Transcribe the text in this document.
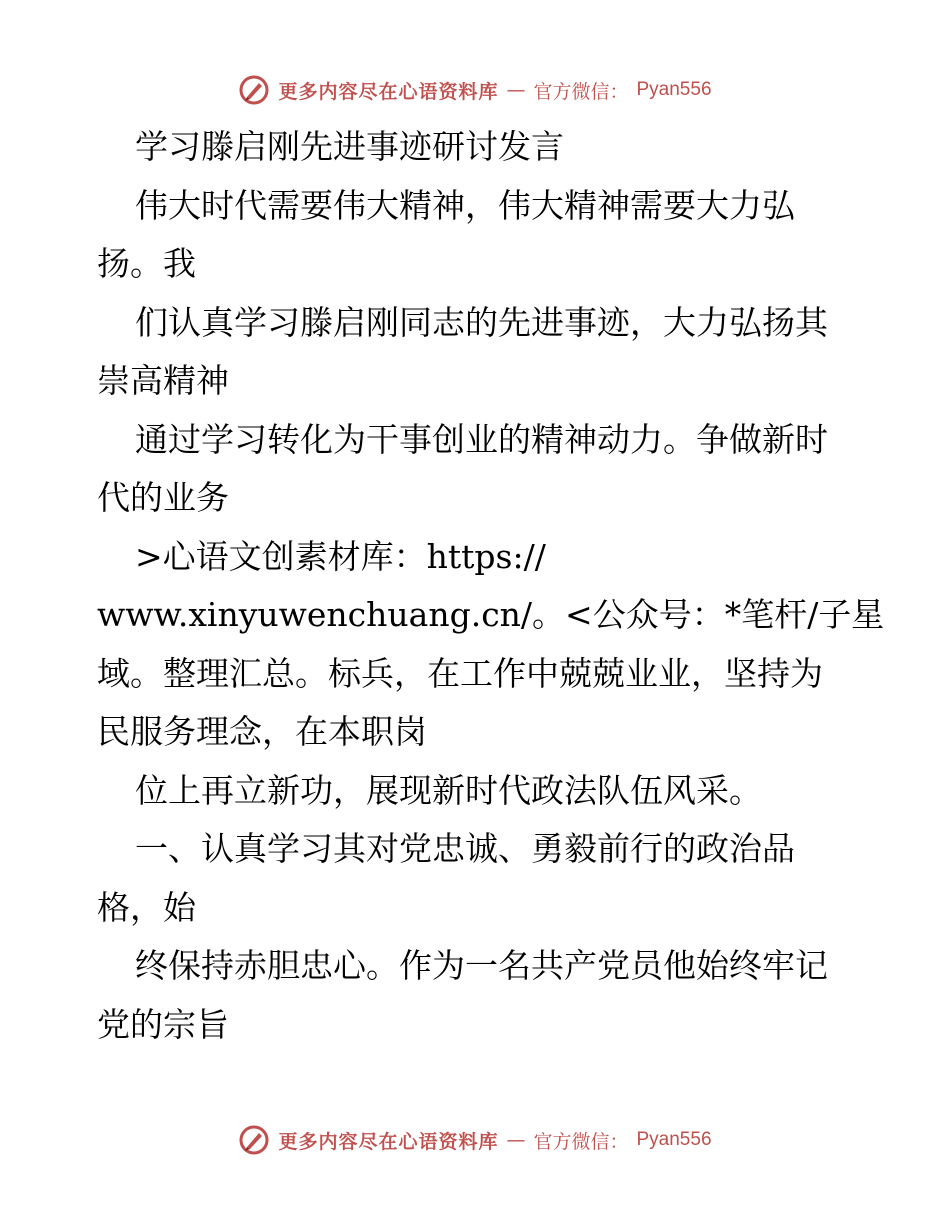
更多内容尽在心语资料库 — 官方微信： Pyan556
学习滕启刚先进事迹研讨发言
伟大时代需要伟大精神，伟大精神需要大力弘
扬。我
们认真学习滕启刚同志的先进事迹，大力弘扬其
崇高精神
通过学习转化为干事创业的精神动力。争做新时
代的业务
>心语文创素材库：https://
www.xinyuwenchuang.cn/。<公众号：*笔杆/子星
域。整理汇总。标兵，在工作中兢兢业业，坚持为
民服务理念，在本职岗
位上再立新功，展现新时代政法队伍风采。
一、认真学习其对党忠诚、勇毅前行的政治品
格，始
终保持赤胆忠心。作为一名共产党员他始终牢记
党的宗旨
更多内容尽在心语资料库 — 官方微信： Pyan556
